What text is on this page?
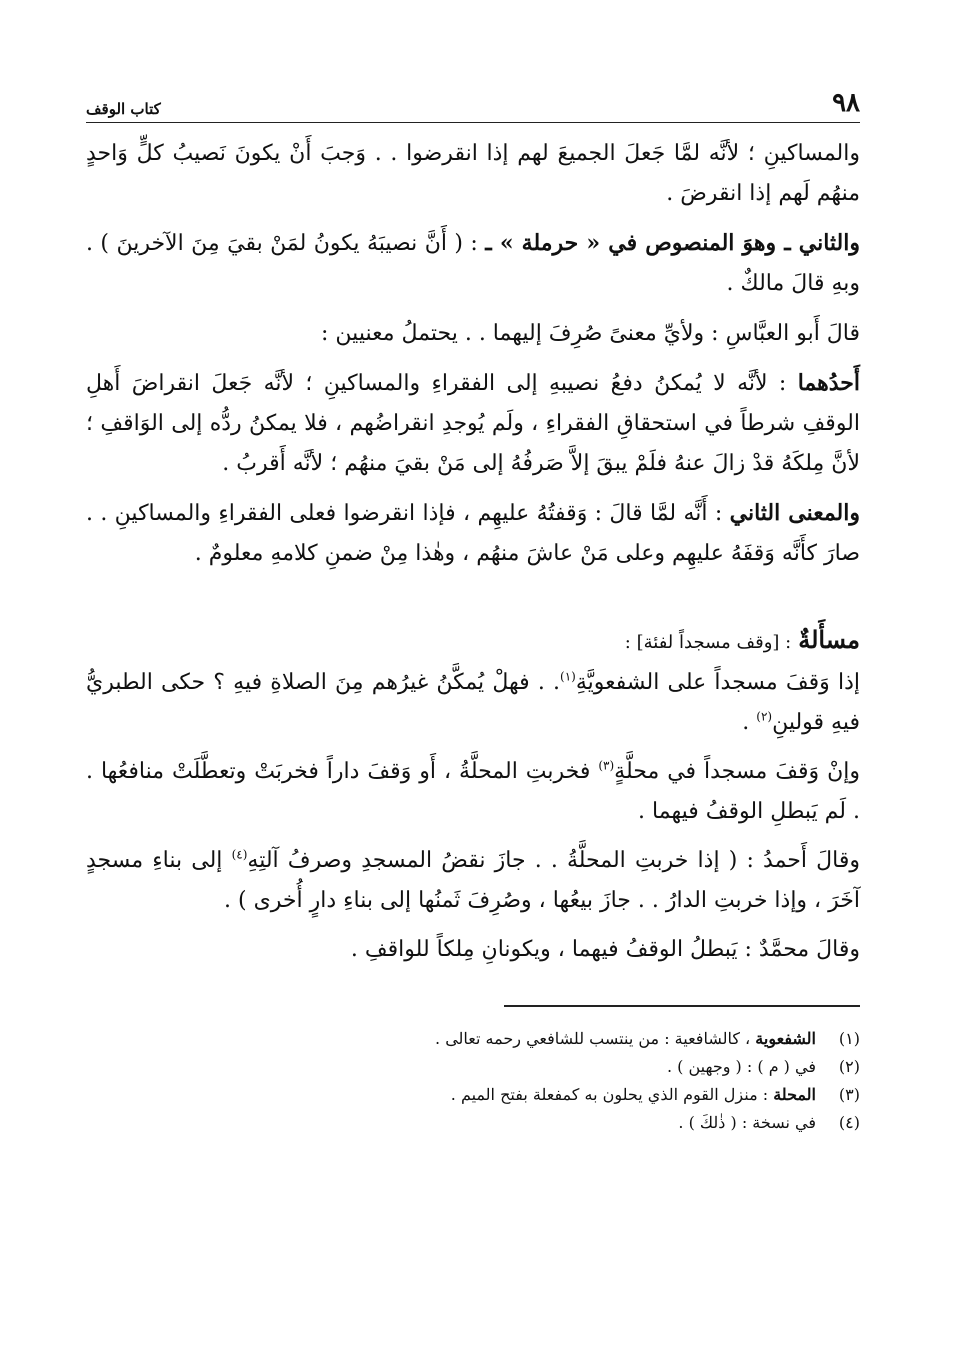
٩٨
كتاب الوقف

والمساكينِ ؛ لأنَّه لمَّا جَعلَ الجميعَ لهم إذا انقرضوا . . وَجبَ أَنْ يكونَ نَصيبُ كلٍّ وَاحدٍ منهُم لَهم إذا انقرضَ .

والثاني ـ وهوَ المنصوص في « حرملة » ـ : ( أَنَّ نصيبَهُ يكونُ لمَنْ بقيَ مِنَ الآخرينَ ) . وبهِ قالَ مالكٌ .

قالَ أَبو العبَّاسِ : ولأيِّ معنىً صُرِفَ إليهما . . يحتملُ معنيين :

أَحدُهما : لأنَّه لا يُمكنُ دفعُ نصيبهِ إلى الفقراءِ والمساكينِ ؛ لأنَّه جَعلَ انقراضَ أَهلِ الوقفِ شرطاً في استحقاقِ الفقراءِ ، ولَم يُوجدِ انقراضُهم ، فلا يمكنُ ردُّه إلى الوَاقفِ ؛ لأنَّ مِلكَهُ قدْ زالَ عنهُ فلَمْ يبقَ إلاَّ صَرفُهُ إلى مَنْ بقيَ منهُم ؛ لأنَّه أَقربُ .

والمعنى الثاني : أَنَّه لمَّا قالَ : وَقفتُهُ عليهِم ، فإذا انقرضوا فعلى الفقراءِ والمساكينِ . . صارَ كأَنَّه وَقفَهُ عليهِم وعلى مَنْ عاشَ منهُم ، وهٰذا مِنْ ضمنِ كلامهِ معلومٌ .

مسأَلةٌ : [وقف مسجداً لفئة] :

إذا وَقفَ مسجداً على الشفعويَّةِ$^{(١)}$. . فهلْ يُمكَّنُ غيرُهم مِنَ الصلاةِ فيهِ ؟ حكى الطبريُّ فيهِ قولينِ$^{(٢)}$ .

وإنْ وَقفَ مسجداً في محلَّةٍ$^{(٣)}$ فخربتِ المحلَّةُ ، أَو وَقفَ داراً فخربَتْ وتعطَّلَتْ منافعُها . . لَم يَبطلِ الوقفُ فيهما .

وقالَ أَحمدُ : ( إذا خربتِ المحلَّةُ . . جازَ نقضُ المسجدِ وصرفُ آلتِهِ$^{(٤)}$ إلى بناءِ مسجدٍ آخَرَ ، وإذا خربتِ الدارُ . . جازَ بيعُها ، وصُرِفَ ثَمنُها إلى بناءِ دارٍ أُخرى ) .

وقالَ محمَّدٌ : يَبطلُ الوقفُ فيهما ، ويكونانِ مِلكاً للواقفِ .

(١)
الشفعوية ، كالشافعية : من ينتسب للشافعي رحمه تعالى .
(٢)
في ( م ) : ( وجهين ) .
(٣)
المحلة : منزل القوم الذي يحلون به كمفعلة بفتح الميم .
(٤)
في نسخة : ( ذٰلكَ ) .
